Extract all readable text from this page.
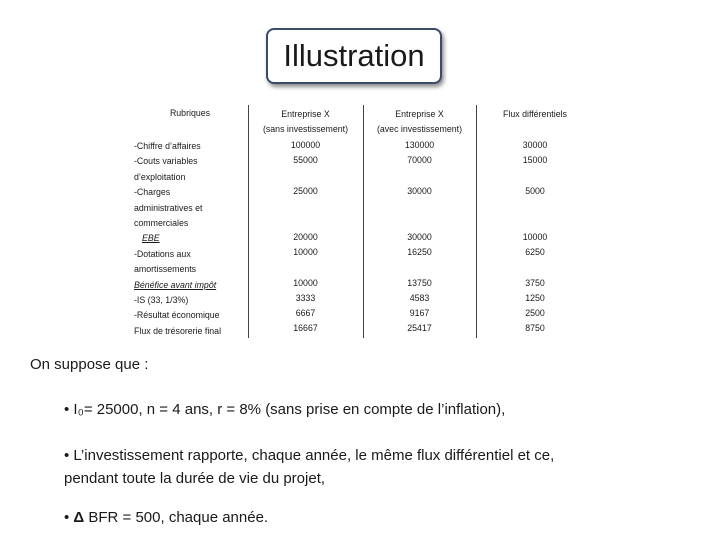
Illustration
Rubriques
-Chiffre d’affaires
-Couts variables
d’exploitation
-Charges
administratives et
commerciales
EBE
-Dotations aux
amortissements
Bénéfice avant impôt
-IS (33, 1/3%)
-Résultat économique
Flux de trésorerie final
Entreprise X
(sans investissement)
100000
55000
25000
20000
10000
10000
3333
6667
16667
Entreprise X
(avec investissement)
130000
70000
30000
30000
16250
13750
4583
9167
25417
Flux différentiels
30000
15000
5000
10000
6250
3750
1250
2500
8750
On suppose que :
• I₀= 25000, n = 4 ans, r = 8% (sans prise en compte de l’inflation),
• L’investissement rapporte, chaque année, le même flux différentiel et ce,
pendant toute la durée de vie du projet,
• Δ BFR = 500, chaque année.
